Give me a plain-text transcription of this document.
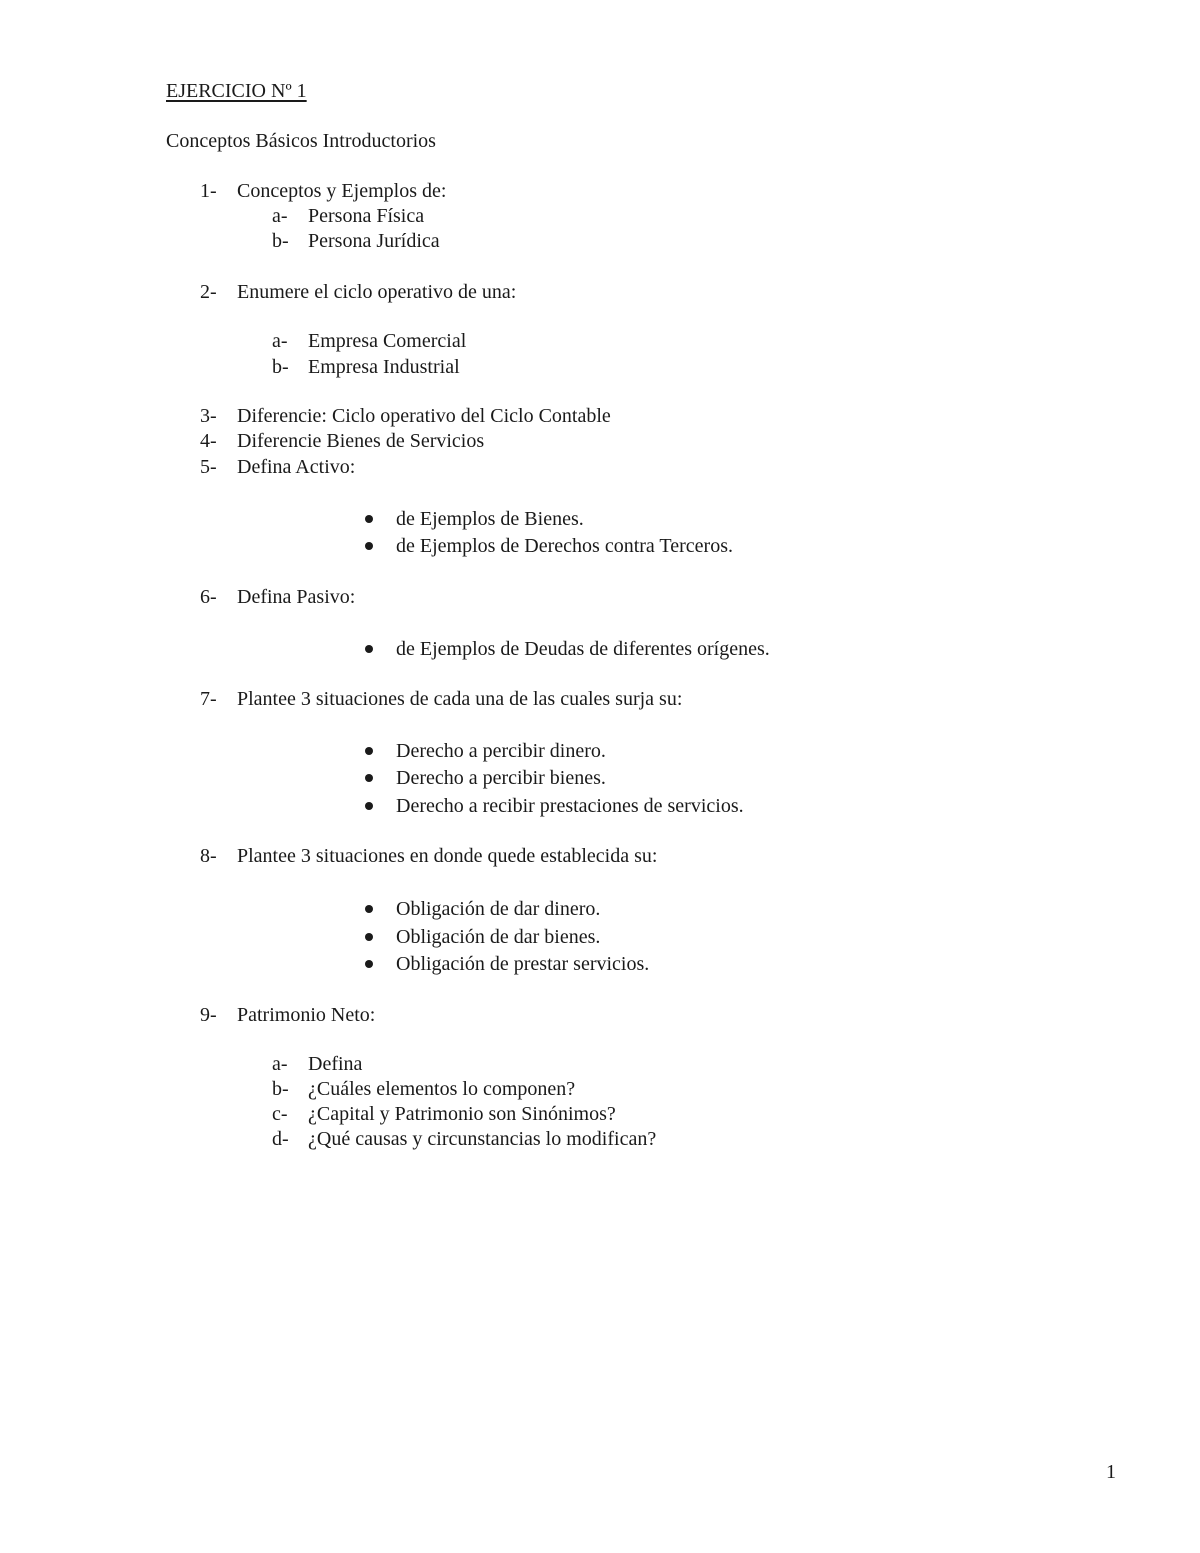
EJERCICIO Nº 1
Conceptos Básicos Introductorios
1- Conceptos y Ejemplos de:
a- Persona Física
b- Persona Jurídica
2- Enumere el ciclo operativo de una:
a- Empresa Comercial
b- Empresa Industrial
3- Diferencie: Ciclo operativo del Ciclo Contable
4- Diferencie Bienes de Servicios
5- Defina Activo:
de Ejemplos de Bienes.
de Ejemplos de Derechos contra Terceros.
6- Defina Pasivo:
de Ejemplos de Deudas de diferentes orígenes.
7- Plantee 3 situaciones de cada una de las cuales surja su:
Derecho a percibir dinero.
Derecho a percibir bienes.
Derecho a recibir prestaciones de servicios.
8- Plantee 3 situaciones en donde quede establecida su:
Obligación de dar dinero.
Obligación de dar bienes.
Obligación de prestar servicios.
9- Patrimonio Neto:
a- Defina
b- ¿Cuáles elementos lo componen?
c- ¿Capital y Patrimonio son Sinónimos?
d- ¿Qué causas y circunstancias lo modifican?
1
